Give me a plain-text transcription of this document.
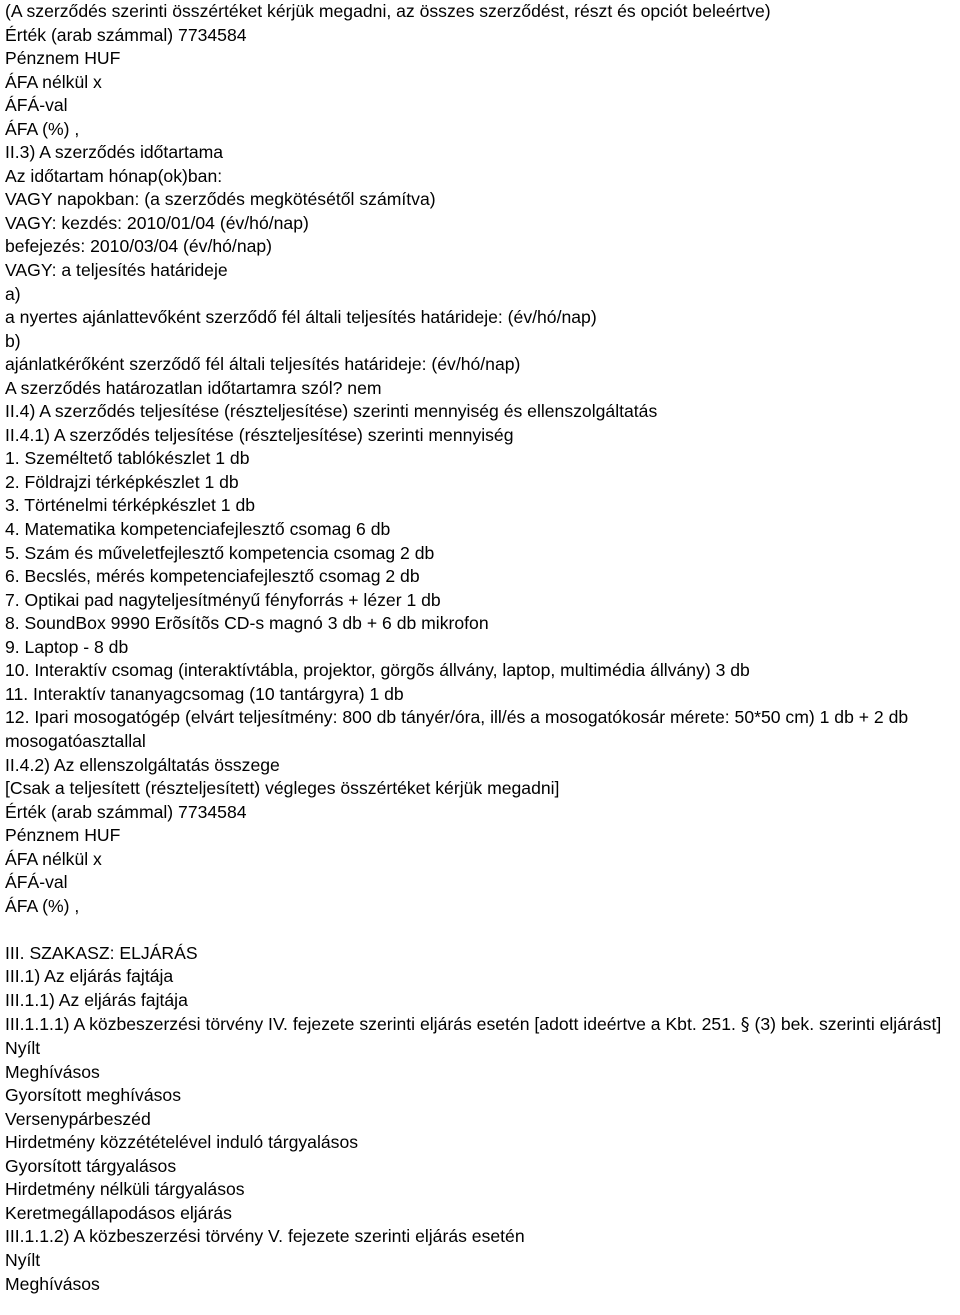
(A szerződés szerinti összértéket kérjük megadni, az összes szerződést, részt és opciót beleértve)
Érték (arab számmal) 7734584
Pénznem HUF
ÁFA nélkül x
ÁFÁ-val
ÁFA (%) ,
II.3) A szerződés időtartama
Az időtartam hónap(ok)ban:
VAGY napokban: (a szerződés megkötésétől számítva)
VAGY: kezdés: 2010/01/04 (év/hó/nap)
befejezés: 2010/03/04 (év/hó/nap)
VAGY: a teljesítés határideje
a)
a nyertes ajánlattevőként szerződő fél általi teljesítés határideje: (év/hó/nap)
b)
ajánlatkérőként szerződő fél általi teljesítés határideje: (év/hó/nap)
A szerződés határozatlan időtartamra szól? nem
II.4) A szerződés teljesítése (részteljesítése) szerinti mennyiség és ellenszolgáltatás
II.4.1) A szerződés teljesítése (részteljesítése) szerinti mennyiség
1. Személtető tablókészlet 1 db
2. Földrajzi térképkészlet 1 db
3. Történelmi térképkészlet 1 db
4. Matematika kompetenciafejlesztő csomag 6 db
5. Szám és műveletfejlesztő kompetencia csomag 2 db
6. Becslés, mérés kompetenciafejlesztő csomag 2 db
7. Optikai pad nagyteljesítményű fényforrás + lézer 1 db
8. SoundBox 9990 Erõsítõs CD-s magnó 3 db + 6 db mikrofon
9. Laptop - 8 db
10. Interaktív csomag (interaktívtábla, projektor, görgõs állvány, laptop, multimédia állvány) 3 db
11. Interaktív tananyagcsomag (10 tantárgyra) 1 db
12. Ipari mosogatógép (elvárt teljesítmény: 800 db tányér/óra, ill/és a mosogatókosár mérete: 50*50 cm) 1 db + 2 db mosogatóasztallal
II.4.2) Az ellenszolgáltatás összege
[Csak a teljesített (részteljesített) végleges összértéket kérjük megadni]
Érték (arab számmal) 7734584
Pénznem HUF
ÁFA nélkül x
ÁFÁ-val
ÁFA (%) ,
III. SZAKASZ: ELJÁRÁS
III.1) Az eljárás fajtája
III.1.1) Az eljárás fajtája
III.1.1.1) A közbeszerzési törvény IV. fejezete szerinti eljárás esetén [adott ideértve a Kbt. 251. § (3) bek. szerinti eljárást]
Nyílt
Meghívásos
Gyorsított meghívásos
Versenypárbeszéd
Hirdetmény közzétételével induló tárgyalásos
Gyorsított tárgyalásos
Hirdetmény nélküli tárgyalásos
Keretmegállapodásos eljárás
III.1.1.2) A közbeszerzési törvény V. fejezete szerinti eljárás esetén
Nyílt
Meghívásos
